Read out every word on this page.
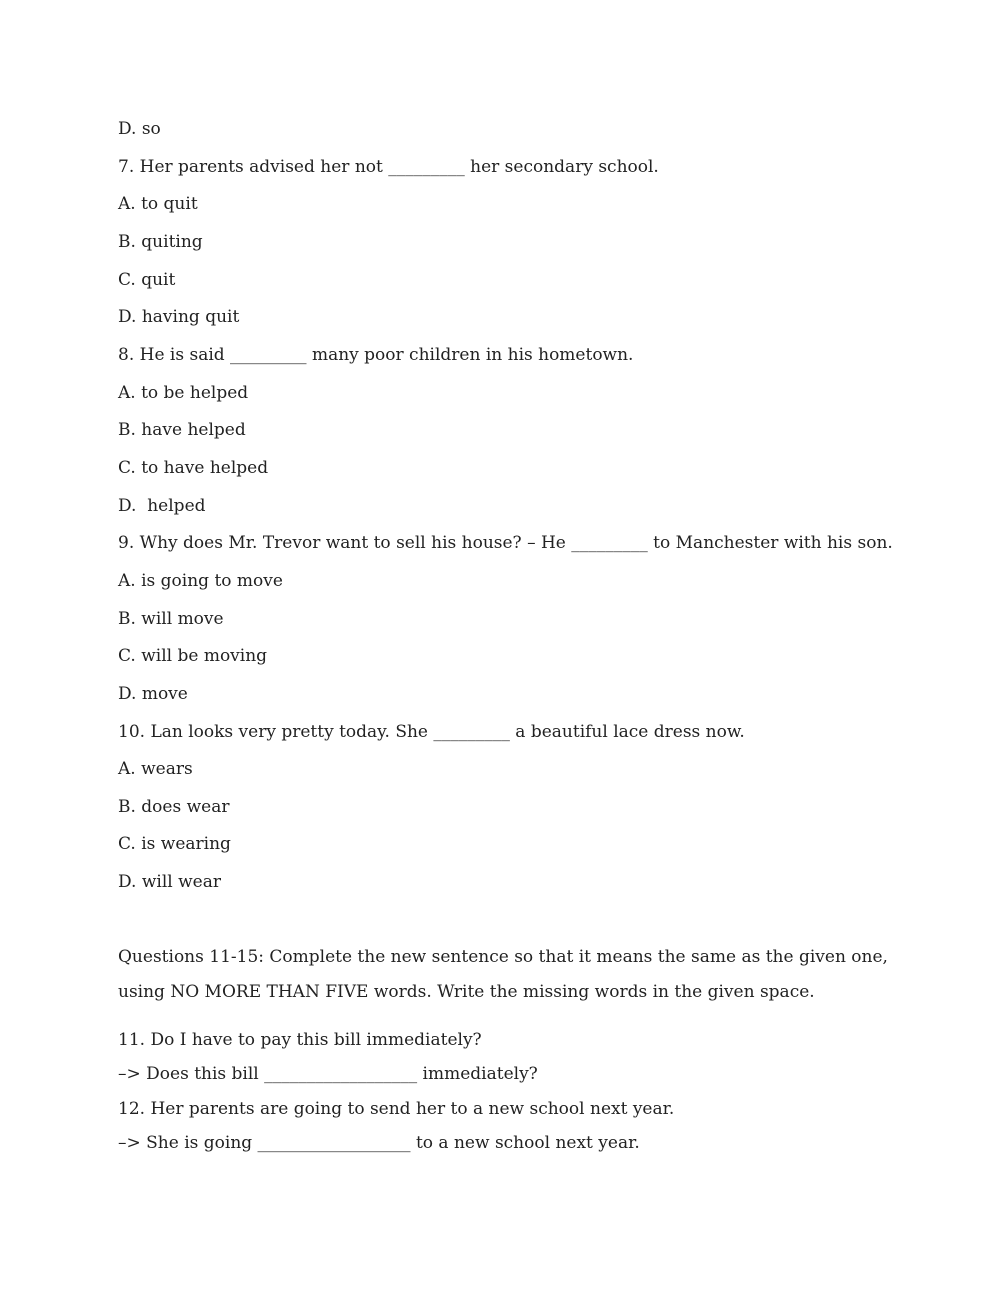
D. so
7. Her parents advised her not _________ her secondary school.
A. to quit
B. quiting
C. quit
D. having quit
8. He is said _________ many poor children in his hometown.
A. to be helped
B. have helped
C. to have helped
D.  helped
9. Why does Mr. Trevor want to sell his house? – He _________ to Manchester with his son.
A. is going to move
B. will move
C. will be moving
D. move
10. Lan looks very pretty today. She _________ a beautiful lace dress now.
A. wears
B. does wear
C. is wearing
D. will wear
Questions 11-15: Complete the new sentence so that it means the same as the given one,
using NO MORE THAN FIVE words. Write the missing words in the given space.
11. Do I have to pay this bill immediately?
–> Does this bill __________________ immediately?
12. Her parents are going to send her to a new school next year.
–> She is going __________________ to a new school next year.
